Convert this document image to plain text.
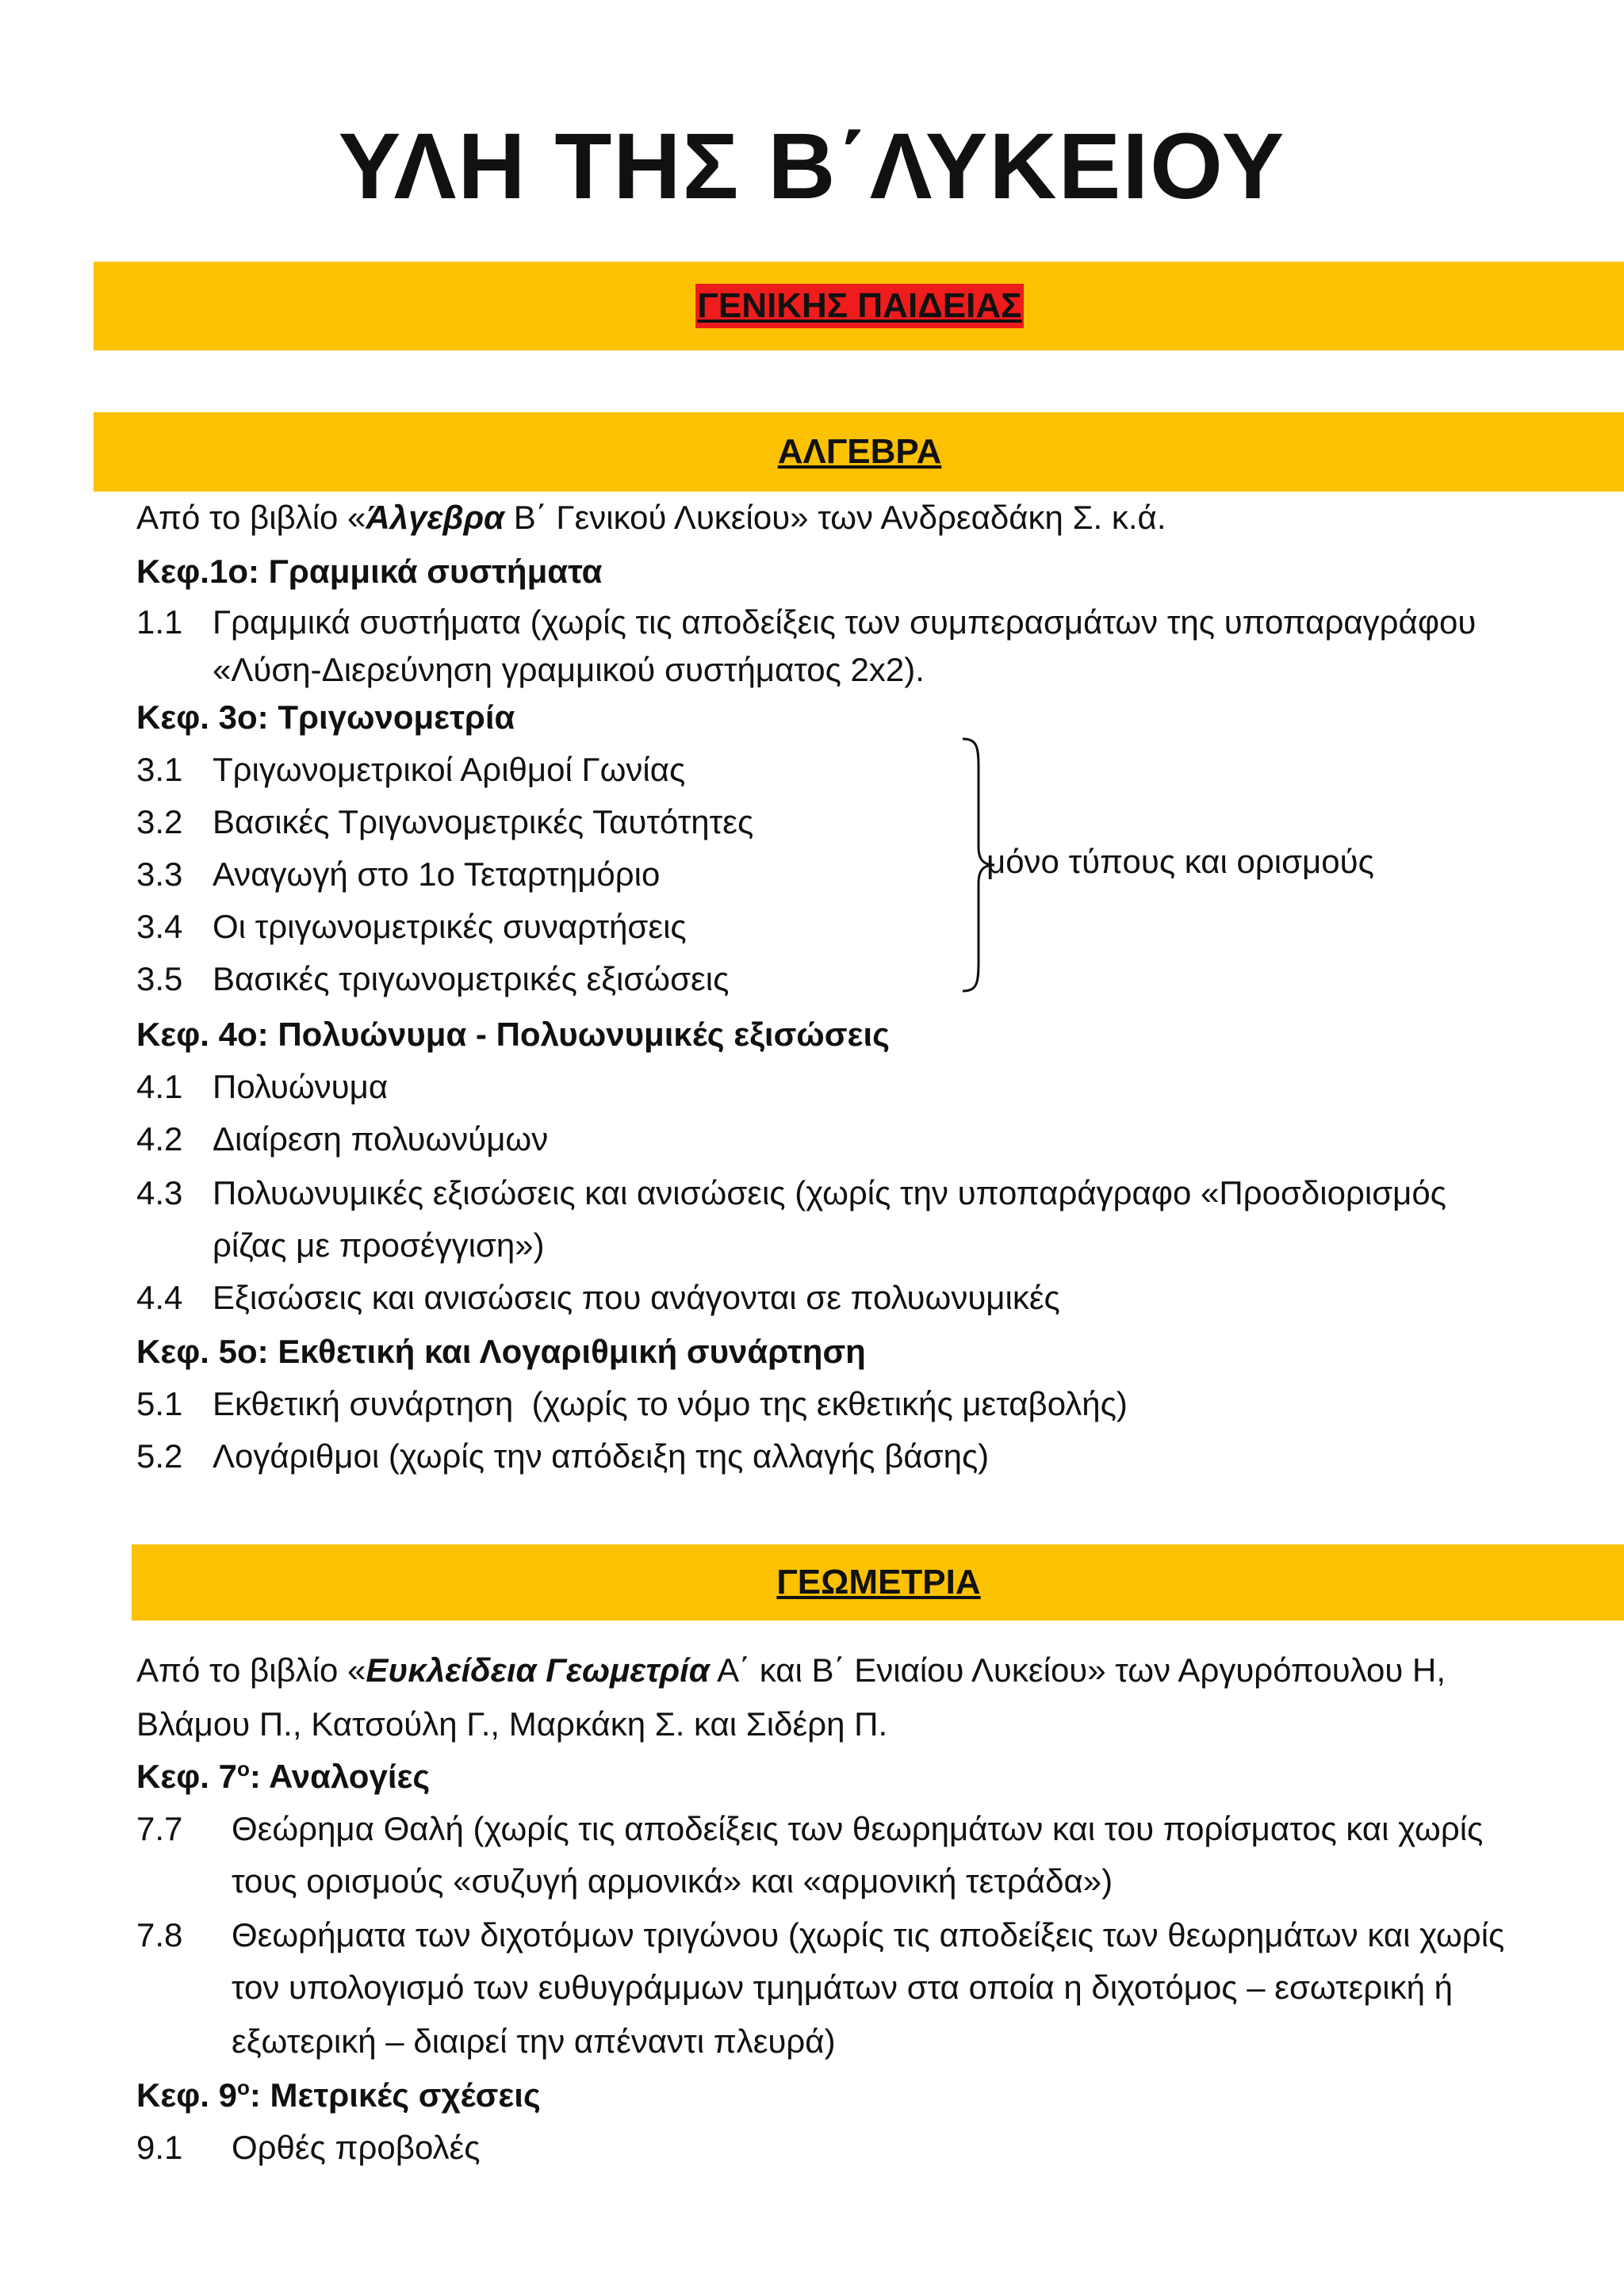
ΥΛΗ ΤΗΣ Β΄ΛΥΚΕΙΟΥ
ΓΕΝΙΚΗΣ ΠΑΙΔΕΙΑΣ
ΑΛΓΕΒΡΑ
Από το βιβλίο «Άλγεβρα Β΄ Γενικού Λυκείου» των Ανδρεαδάκη Σ. κ.ά.
Κεφ.1ο: Γραμμικά συστήματα
1.1 Γραμμικά συστήματα (χωρίς τις αποδείξεις των συμπερασμάτων της υποπαραγράφου
«Λύση-Διερεύνηση γραμμικού συστήματος 2x2).
Κεφ. 3ο: Τριγωνομετρία
3.1 Τριγωνομετρικοί Αριθμοί Γωνίας
3.2 Βασικές Τριγωνομετρικές Ταυτότητες
3.3 Αναγωγή στο 1ο Τεταρτημόριο
3.4 Οι τριγωνομετρικές συναρτήσεις
3.5 Βασικές τριγωνομετρικές εξισώσεις
μόνο τύπους και ορισμούς
Κεφ. 4ο: Πολυώνυμα - Πολυωνυμικές εξισώσεις
4.1 Πολυώνυμα
4.2 Διαίρεση πολυωνύμων
4.3 Πολυωνυμικές εξισώσεις και ανισώσεις (χωρίς την υποπαράγραφο «Προσδιορισμός
ρίζας με προσέγγιση»)
4.4 Εξισώσεις και ανισώσεις που ανάγονται σε πολυωνυμικές
Κεφ. 5ο: Εκθετική και Λογαριθμική συνάρτηση
5.1 Εκθετική συνάρτηση  (χωρίς το νόμο της εκθετικής μεταβολής)
5.2 Λογάριθμοι (χωρίς την απόδειξη της αλλαγής βάσης)
ΓΕΩΜΕΤΡΙΑ
Από το βιβλίο «Ευκλείδεια Γεωμετρία Α΄ και Β΄ Ενιαίου Λυκείου» των Αργυρόπουλου Η,
Βλάμου Π., Κατσούλη Γ., Μαρκάκη Σ. και Σιδέρη Π.
Κεφ. $7^o$: Αναλογίες
7.7 Θεώρημα Θαλή (χωρίς τις αποδείξεις των θεωρημάτων και του πορίσματος και χωρίς
τους ορισμούς «συζυγή αρμονικά» και «αρμονική τετράδα»)
7.8 Θεωρήματα των διχοτόμων τριγώνου (χωρίς τις αποδείξεις των θεωρημάτων και χωρίς
τον υπολογισμό των ευθυγράμμων τμημάτων στα οποία η διχοτόμος – εσωτερική ή
εξωτερική – διαιρεί την απέναντι πλευρά)
Κεφ. $9^o$: Μετρικές σχέσεις
9.1 Ορθές προβολές
